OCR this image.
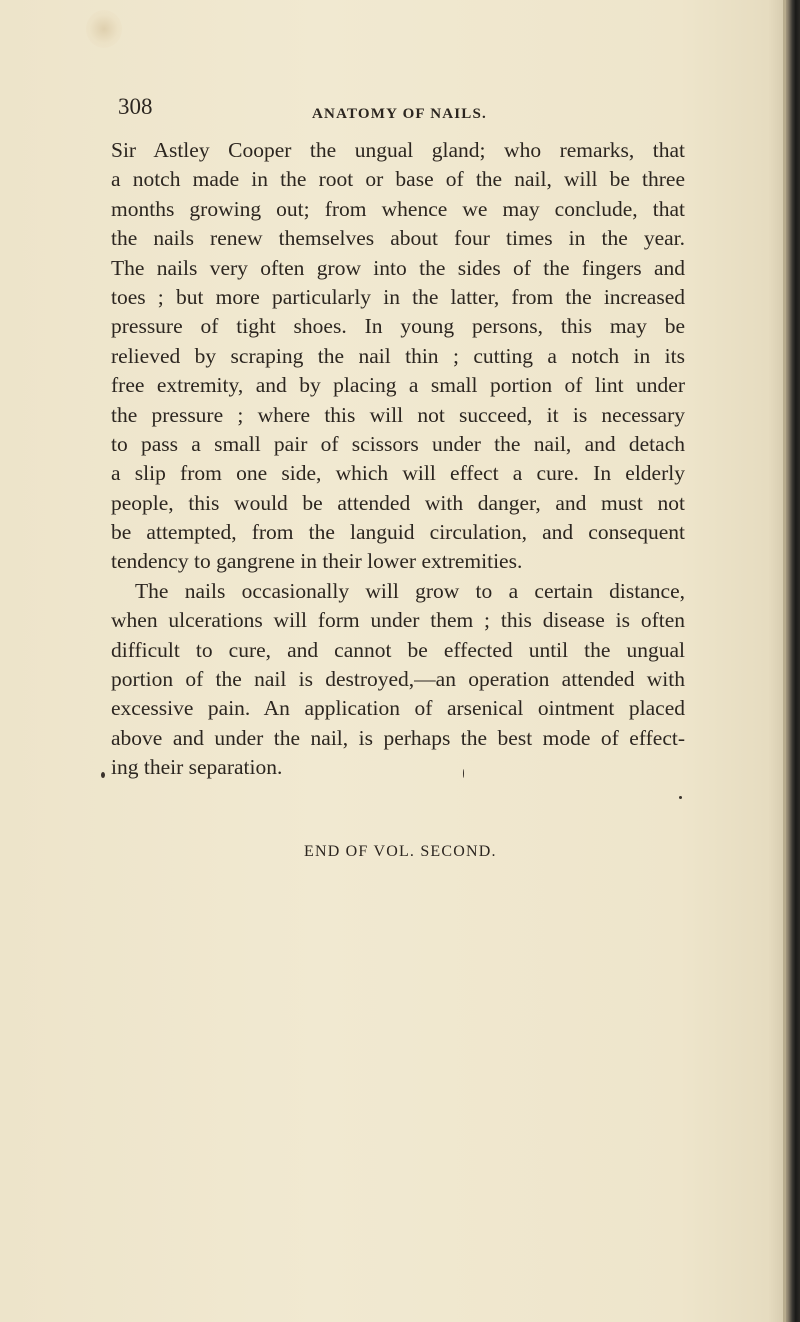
308	ANATOMY OF NAILS.
Sir Astley Cooper the ungual gland; who remarks, that
a notch made in the root or base of the nail, will be three
months growing out; from whence we may conclude, that
the nails renew themselves about four times in the year.
The nails very often grow into the sides of the fingers and
toes ; but more particularly in the latter, from the increased
pressure of tight shoes. In young persons, this may be
relieved by scraping the nail thin ; cutting a notch in its
free extremity, and by placing a small portion of lint under
the pressure ; where this will not succeed, it is necessary
to pass a small pair of scissors under the nail, and detach
a slip from one side, which will effect a cure. In elderly
people, this would be attended with danger, and must not
be attempted, from the languid circulation, and consequent
tendency to gangrene in their lower extremities.
The nails occasionally will grow to a certain distance,
when ulcerations will form under them ; this disease is often
difficult to cure, and cannot be effected until the ungual
portion of the nail is destroyed,—an operation attended with
excessive pain. An application of arsenical ointment placed
above and under the nail, is perhaps the best mode of effect-
ing their separation.
END OF VOL. SECOND.
